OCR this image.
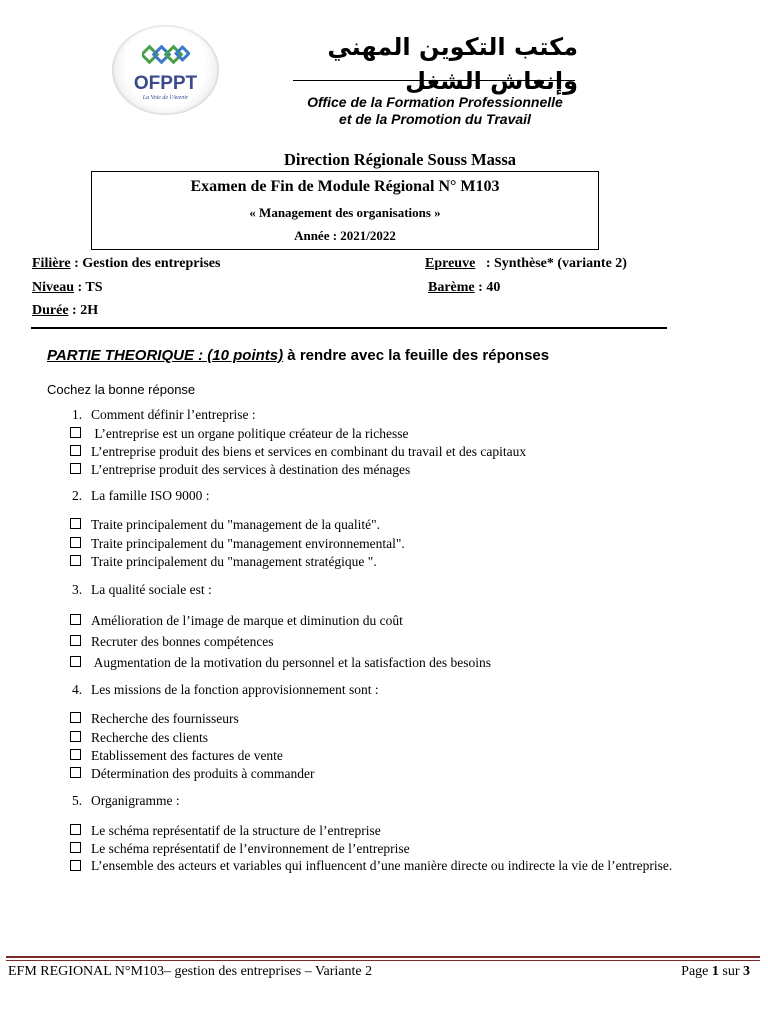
OFPPT
La Voie de l'Avenir
مكتب التكوين المهني وإنعاش الشغل
Office de la Formation Professionnelle
et de la Promotion du Travail
Direction Régionale Souss Massa
Examen de Fin de Module Régional N° M103
« Management des organisations »
Année : 2021/2022
Filière : Gestion des entreprises	Epreuve   : Synthèse* (variante 2)
Niveau : TS	Barème : 40
Durée : 2H
PARTIE THEORIQUE : (10 points) à rendre avec la feuille des réponses
Cochez la bonne réponse
1. Comment définir l’entreprise :
L’entreprise est un organe politique créateur de la richesse
L’entreprise produit des biens et services en combinant du travail et des capitaux
L’entreprise produit des services à destination des ménages
2. La famille ISO 9000 :
Traite principalement du "management de la qualité".
Traite principalement du "management environnemental".
Traite principalement du "management stratégique ".
3. La qualité sociale est :
Amélioration de l’image de marque et diminution du coût
Recruter des bonnes compétences
Augmentation de la motivation du personnel et la satisfaction des besoins
4. Les missions de la fonction approvisionnement sont :
Recherche des fournisseurs
Recherche des clients
Etablissement des factures de vente
Détermination des produits à commander
5. Organigramme :
Le schéma représentatif de la structure de l’entreprise
Le schéma représentatif de l’environnement de l’entreprise
L’ensemble des acteurs et variables qui influencent d’une manière directe ou indirecte la vie de l’entreprise.
EFM REGIONAL N°M103– gestion des entreprises – Variante 2	Page 1 sur 3
